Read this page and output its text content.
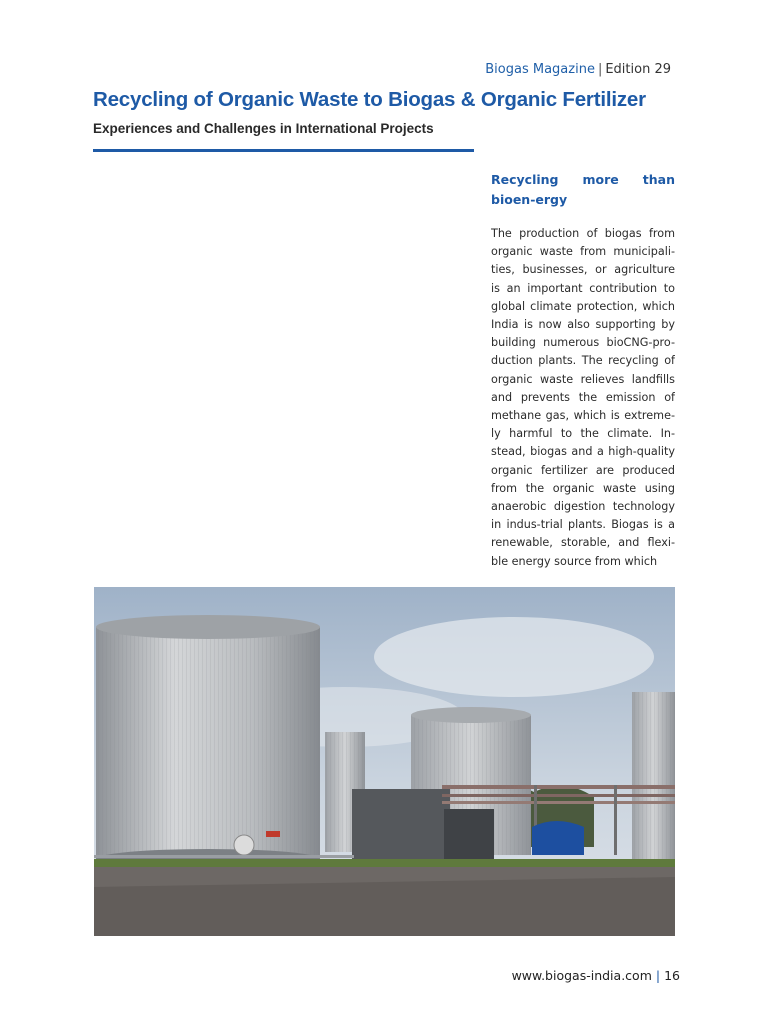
Biogas Magazine | Edition 29
Recycling of Organic Waste to Biogas & Organic Fertilizer
Experiences and Challenges in International Projects
Recycling more than bioen-ergy

The production of biogas from organic waste from municipali-ties, businesses, or agriculture is an important contribution to global climate protection, which India is now also supporting by building numerous bioCNG-pro-duction plants. The recycling of organic waste relieves landfills and prevents the emission of methane gas, which is extreme-ly harmful to the climate. In-stead, biogas and a high-quality organic fertilizer are produced from the organic waste using anaerobic digestion technology in indus-trial plants. Biogas is a renewable, storable, and flexi-ble energy source from which

www.biogas-india.com | 16
